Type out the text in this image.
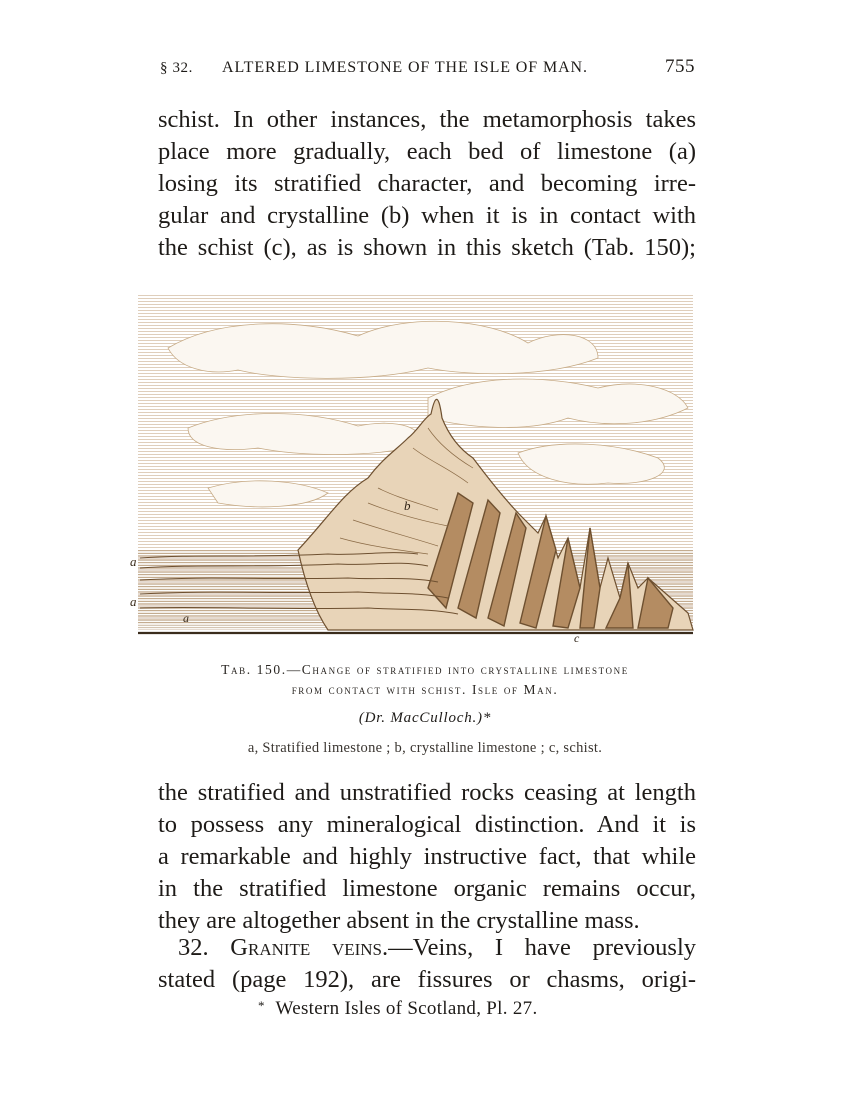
§ 32. ALTERED LIMESTONE OF THE ISLE OF MAN.	755
schist. In other instances, the metamorphosis takes
place more gradually, each bed of limestone (a)
losing its stratified character, and becoming irre-
gular and crystalline (b) when it is in contact with
the schist (c), as is shown in this sketch (Tab. 150);
a
a
a
b
c
Tab. 150.—Change of stratified into crystalline limestone
from contact with schist. Isle of Man.
(Dr. MacCulloch.)*
a, Stratified limestone ; b, crystalline limestone ; c, schist.
the stratified and unstratified rocks ceasing at length
to possess any mineralogical distinction. And it is
a remarkable and highly instructive fact, that while
in the stratified limestone organic remains occur,
they are altogether absent in the crystalline mass.
32. Granite veins.—Veins, I have previously
stated (page 192), are fissures or chasms, origi-
* Western Isles of Scotland, Pl. 27.
